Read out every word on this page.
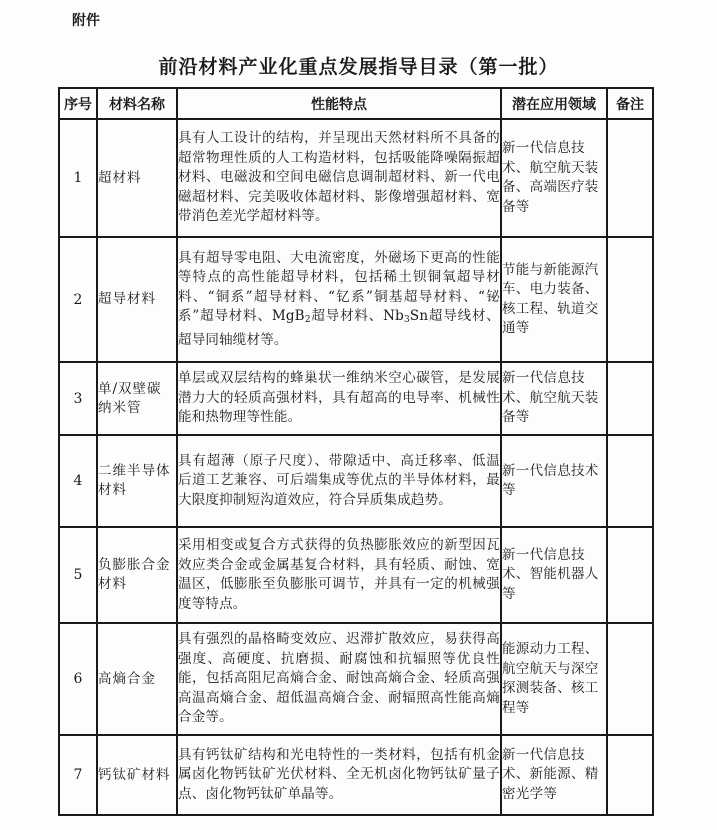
附件
前沿材料产业化重点发展指导目录（第一批）
序号	材料名称	性能特点	潜在应用领域	备注
1	超材料	具有人工设计的结构，并呈现出天然材料所不具备的超常物理性质的人工构造材料，包括吸能降噪隔振超材料、电磁波和空间电磁信息调制超材料、新一代电磁超材料、完美吸收体超材料、影像增强超材料、宽带消色差光学超材料等。	新一代信息技术、航空航天装备、高端医疗装备等	
2	超导材料	具有超导零电阻、大电流密度，外磁场下更高的性能等特点的高性能超导材料，包括稀土钡铜氧超导材料、“铜系”超导材料、“钇系”铜基超导材料、“铋系”超导材料、MgB$_2$超导材料、$Nb_3Sn$超导线材、超导同轴缆材等。	节能与新能源汽车、电力装备、核工程、轨道交通等	
3	单/双壁碳纳米管	单层或双层结构的蜂巢状一维纳米空心碳管，是发展潜力大的轻质高强材料，具有超高的电导率、机械性能和热物理等性能。	新一代信息技术、航空航天装备等	
4	二维半导体材料	具有超薄（原子尺度）、带隙适中、高迁移率、低温后道工艺兼容、可后端集成等优点的半导体材料，最大限度抑制短沟道效应，符合异质集成趋势。	新一代信息技术等	
5	负膨胀合金材料	采用相变或复合方式获得的负热膨胀效应的新型因瓦效应类合金或金属基复合材料，具有轻质、耐蚀、宽温区，低膨胀至负膨胀可调节，并具有一定的机械强度等特点。	新一代信息技术、智能机器人等	
6	高熵合金	具有强烈的晶格畸变效应、迟滞扩散效应，易获得高强度、高硬度、抗磨损、耐腐蚀和抗辐照等优良性能，包括高阻尼高熵合金、耐蚀高熵合金、轻质高强高温高熵合金、超低温高熵合金、耐辐照高性能高熵合金等。	能源动力工程、航空航天与深空探测装备、核工程等	
7	钙钛矿材料	具有钙钛矿结构和光电特性的一类材料，包括有机金属卤化物钙钛矿光伏材料、全无机卤化物钙钛矿量子点、卤化物钙钛矿单晶等。	新一代信息技术、新能源、精密光学等	
